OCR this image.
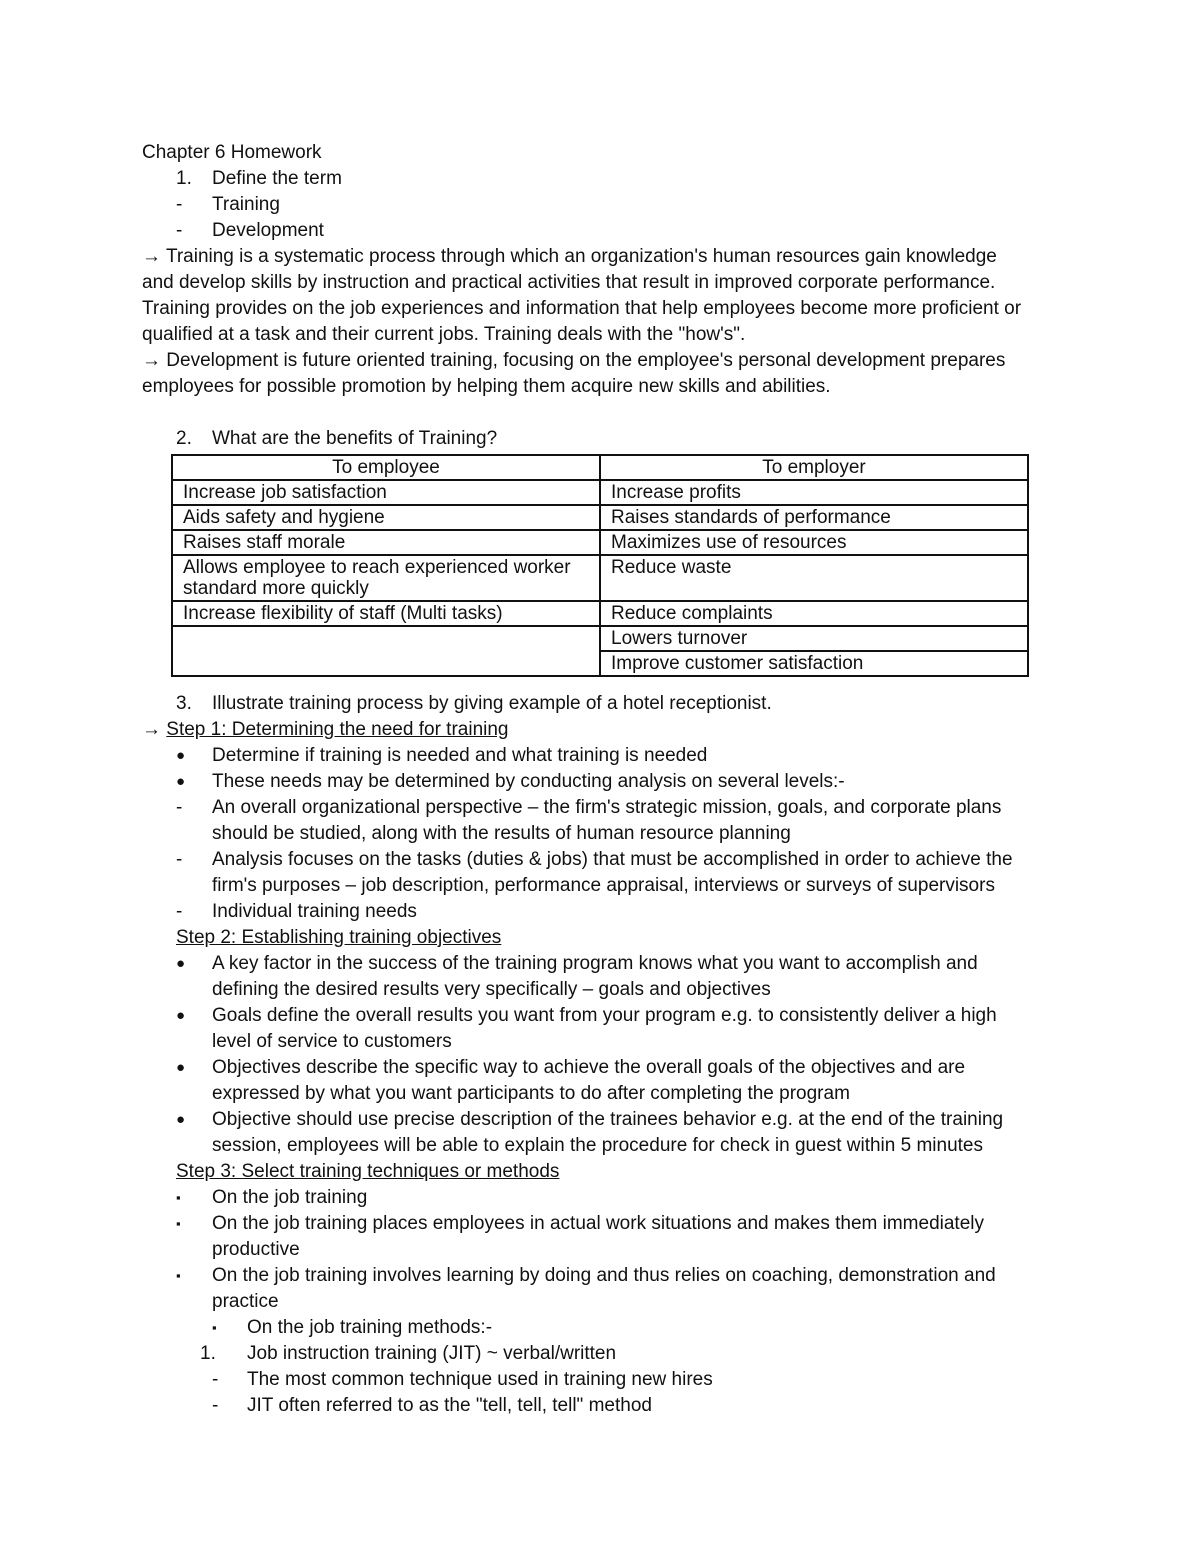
Chapter 6 Homework
1. Define the term
- Training
- Development
→ Training is a systematic process through which an organization's human resources gain knowledge
and develop skills by instruction and practical activities that result in improved corporate performance.
Training provides on the job experiences and information that help employees become more proficient or
qualified at a task and their current jobs. Training deals with the "how's".
→ Development is future oriented training, focusing on the employee's personal development prepares
employees for possible promotion by helping them acquire new skills and abilities.
2. What are the benefits of Training?
To employee	To employer
Increase job satisfaction	Increase profits
Aids safety and hygiene	Raises standards of performance
Raises staff morale	Maximizes use of resources
Allows employee to reach experienced worker standard more quickly	Reduce waste
Increase flexibility of staff (Multi tasks)	Reduce complaints
	Lowers turnover
	Improve customer satisfaction
3. Illustrate training process by giving example of a hotel receptionist.
→ Step 1: Determining the need for training
● Determine if training is needed and what training is needed
● These needs may be determined by conducting analysis on several levels:-
- An overall organizational perspective – the firm's strategic mission, goals, and corporate plans
should be studied, along with the results of human resource planning
- Analysis focuses on the tasks (duties & jobs) that must be accomplished in order to achieve the
firm's purposes – job description, performance appraisal, interviews or surveys of supervisors
- Individual training needs
Step 2: Establishing training objectives
● A key factor in the success of the training program knows what you want to accomplish and
defining the desired results very specifically – goals and objectives
● Goals define the overall results you want from your program e.g. to consistently deliver a high
level of service to customers
● Objectives describe the specific way to achieve the overall goals of the objectives and are
expressed by what you want participants to do after completing the program
● Objective should use precise description of the trainees behavior e.g. at the end of the training
session, employees will be able to explain the procedure for check in guest within 5 minutes
Step 3: Select training techniques or methods
▪ On the job training
▪ On the job training places employees in actual work situations and makes them immediately
productive
▪ On the job training involves learning by doing and thus relies on coaching, demonstration and
practice
▪ On the job training methods:-
1. Job instruction training (JIT) ~ verbal/written
- The most common technique used in training new hires
- JIT often referred to as the "tell, tell, tell" method
